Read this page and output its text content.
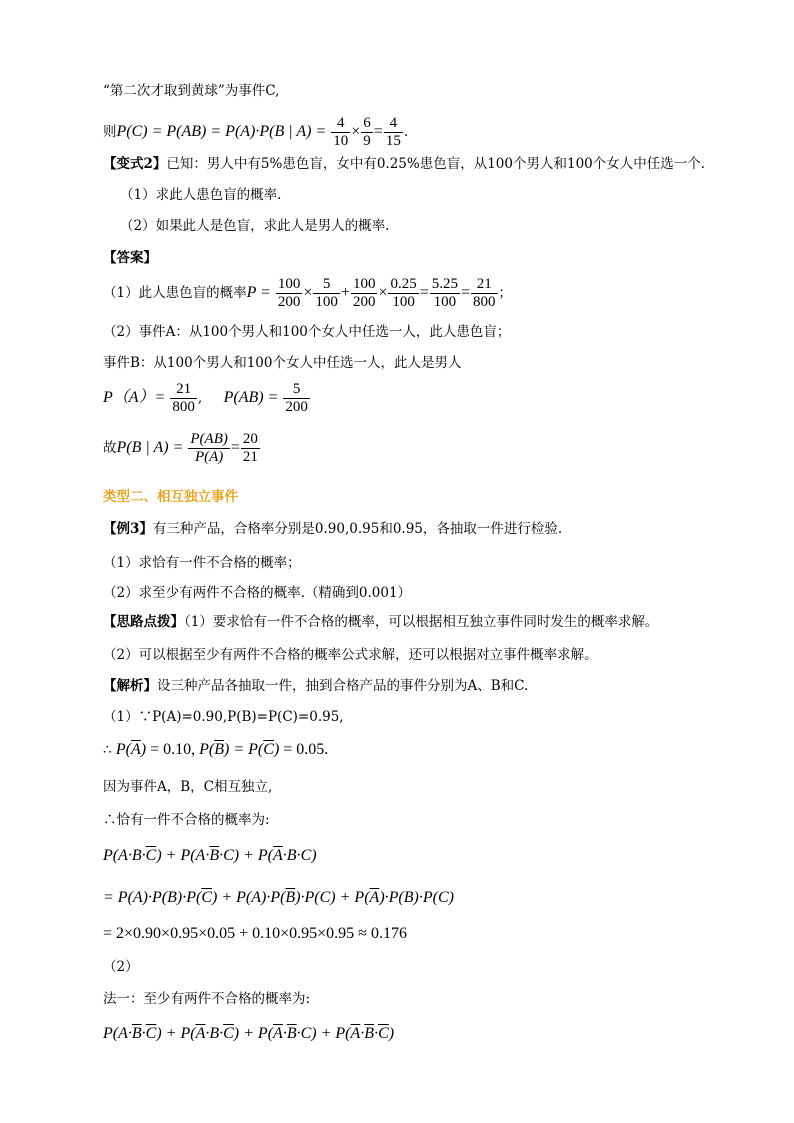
“第二次才取到黄球”为事件C,
则P(C) = P(AB) = P(A)·P(B | $A) = \frac{4}{10} \times \frac{6}{9} = \frac{4}{15}$ .
【变式2】已知：男人中有5%患色盲，女中有0.25%患色盲，从100个男人和100个女人中任选一个.
（1）求此人患色盲的概率.
（2）如果此人是色盲，求此人是男人的概率.
【答案】
（1）此人患色盲的概率$P = \frac{100}{200} \times \frac{5}{100} + \frac{100}{200} \times \frac{0.25}{100} = \frac{5.25}{100} = \frac{21}{800}$ ；
（2）事件A：从100个男人和100个女人中任选一人，此人患色盲；
事件B：从100个男人和100个女人中任选一人，此人是男人
$P(A)= \frac{21}{800}$ , $P(AB) = \frac{5}{200}$
故P(B | $A) = \frac{P(AB)}{P(A)} = \frac{20}{21}$
类型二、相互独立事件
【例3】有三种产品，合格率分别是0.90,0.95和0.95，各抽取一件进行检验.
（1）求恰有一件不合格的概率；
（2）求至少有两件不合格的概率.（精确到0.001）
【思路点拨】（1）要求恰有一件不合格的概率，可以根据相互独立事件同时发生的概率求解。
（2）可以根据至少有两件不合格的概率公式求解，还可以根据对立事件概率求解。
【解析】设三种产品各抽取一件，抽到合格产品的事件分别为A、B和C.
（1）∵P(A)=0.90,P(B)=P(C)=0.95,
∴ $P(\overline{A}) = 0.10$, $P(\overline{B}) = P(\overline{C}) = 0.05$.
因为事件A，B，C相互独立,
∴恰有一件不合格的概率为:
$P(A\cdot B\cdot\overline{C}) + P(A\cdot\overline{B}\cdot C) + P(\overline{A}\cdot B\cdot C)$
= $P(A)\cdot P(B)\cdot P(\overline{C}) + P(A)\cdot P(\overline{B})\cdot P(C) + P(\overline{A})\cdot P(B)\cdot P(C)$
= 2×0.90×0.95×0.05 + 0.10×0.95×0.95 ≈ 0.176
（2）
法一：至少有两件不合格的概率为:
$P(A\cdot\overline{B}\cdot\overline{C}) + P(\overline{A}\cdot B\cdot\overline{C}) + P(\overline{A}\cdot\overline{B}\cdot C) + P(\overline{A}\cdot\overline{B}\cdot\overline{C})$
